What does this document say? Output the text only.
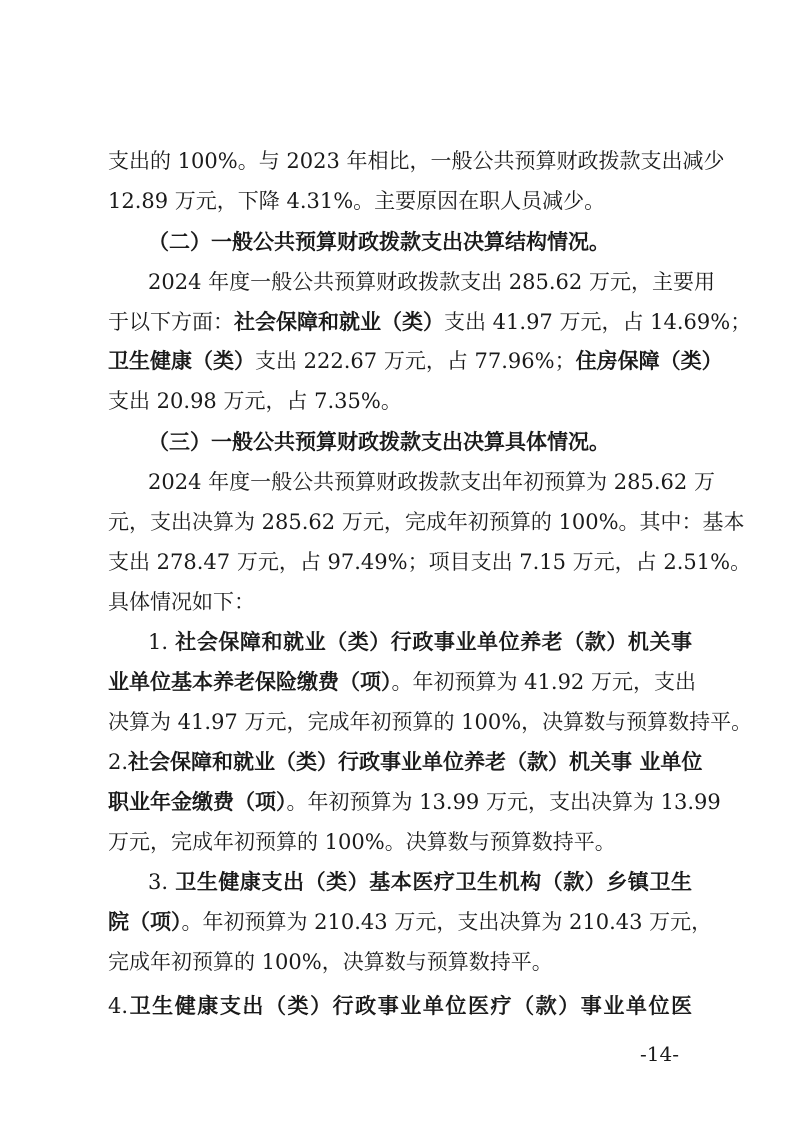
支出的 100%。与 2023 年相比，一般公共预算财政拨款支出减少
12.89 万元，下降 4.31%。主要原因在职人员减少。
（二）一般公共预算财政拨款支出决算结构情况。
2024 年度一般公共预算财政拨款支出 285.62 万元，主要用
于以下方面：社会保障和就业（类）支出 41.97 万元，占 14.69%；
卫生健康（类）支出 222.67 万元，占 77.96%；住房保障（类）
支出 20.98 万元，占 7.35%。
（三）一般公共预算财政拨款支出决算具体情况。
2024 年度一般公共预算财政拨款支出年初预算为 285.62 万
元，支出决算为 285.62 万元，完成年初预算的 100%。其中：基本
支出 278.47 万元，占 97.49%；项目支出 7.15 万元，占 2.51%。
具体情况如下：
1. 社会保障和就业（类）行政事业单位养老（款）机关事
业单位基本养老保险缴费（项）。年初预算为 41.92 万元，支出
决算为 41.97 万元，完成年初预算的 100%，决算数与预算数持平。
2.社会保障和就业（类）行政事业单位养老（款）机关事 业单位
职业年金缴费（项）。年初预算为 13.99 万元，支出决算为 13.99
万元，完成年初预算的 100%。决算数与预算数持平。
3. 卫生健康支出（类）基本医疗卫生机构（款）乡镇卫生
院（项）。年初预算为 210.43 万元，支出决算为 210.43 万元，
完成年初预算的 100%，决算数与预算数持平。
4.卫生健康支出（类）行政事业单位医疗（款）事业单位医
-14-
